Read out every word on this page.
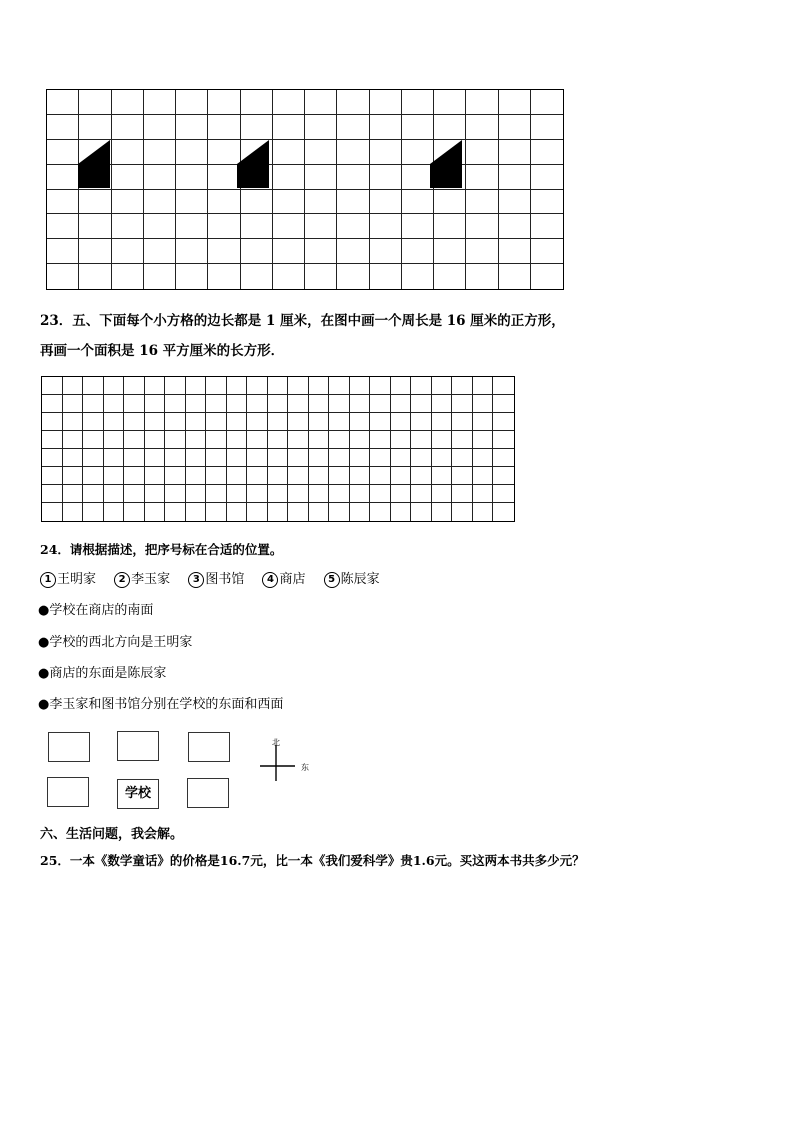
23．五、下面每个小方格的边长都是 1 厘米，在图中画一个周长是 16 厘米的正方形，
再画一个面积是 16 平方厘米的长方形．
24．请根据描述，把序号标在合适的位置。
1 王明家 2 李玉家 3 图书馆 4 商店 5 陈辰家
●学校在商店的南面
●学校的西北方向是王明家
●商店的东面是陈辰家
●李玉家和图书馆分别在学校的东面和西面
学校
北
东
六、生活问题，我会解。
25．一本《数学童话》的价格是16.7元，比一本《我们爱科学》贵1.6元。买这两本书共多少元？
